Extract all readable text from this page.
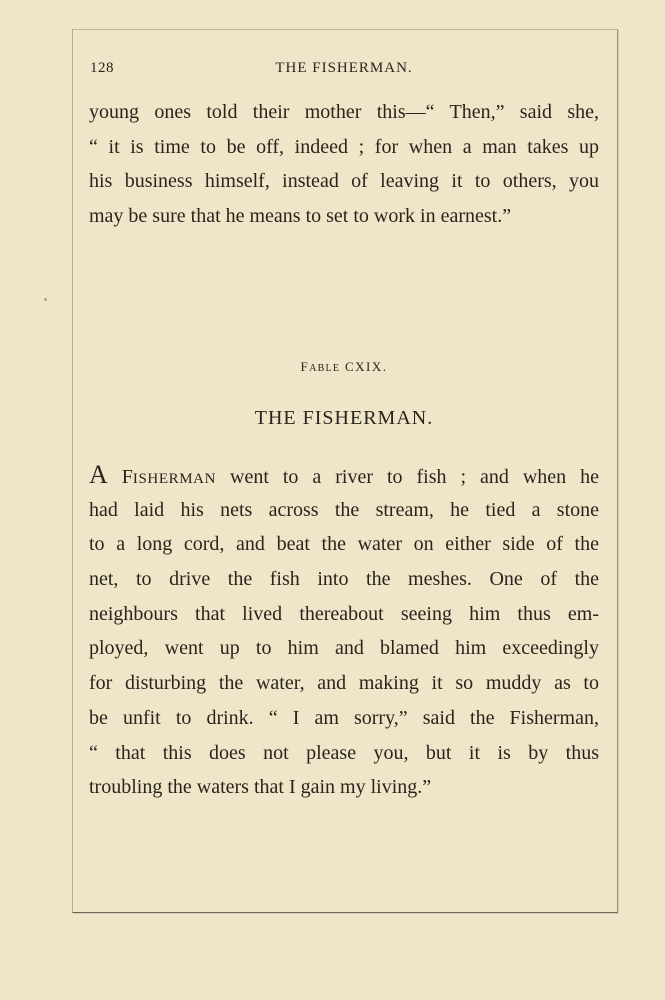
128	THE FISHERMAN.
young ones told their mother this—“ Then,” said she,
“ it is time to be off, indeed ; for when a man takes up
his business himself, instead of leaving it to others, you
may be sure that he means to set to work in earnest.”
FABLE CXIX.
THE FISHERMAN.
A FISHERMAN went to a river to fish ; and when he
had laid his nets across the stream, he tied a stone
to a long cord, and beat the water on either side of the
net, to drive the fish into the meshes. One of the
neighbours that lived thereabout seeing him thus em-
ployed, went up to him and blamed him exceedingly
for disturbing the water, and making it so muddy as to
be unfit to drink. “ I am sorry,” said the Fisherman,
“ that this does not please you, but it is by thus
troubling the waters that I gain my living.”
